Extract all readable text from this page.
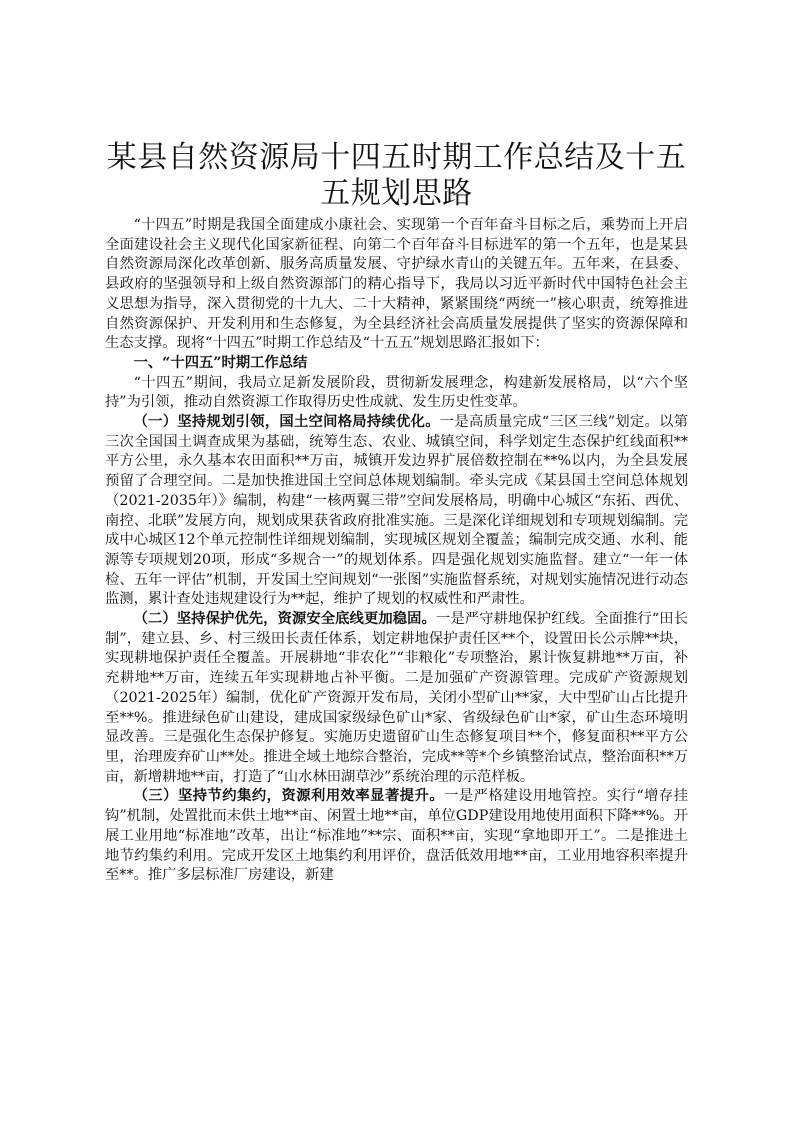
某县自然资源局十四五时期工作总结及十五五规划思路

“十四五”时期是我国全面建成小康社会、实现第一个百年奋斗目标之后，乘势而上开启全面建设社会主义现代化国家新征程、向第二个百年奋斗目标进军的第一个五年，也是某县自然资源局深化改革创新、服务高质量发展、守护绿水青山的关键五年。五年来，在县委、县政府的坚强领导和上级自然资源部门的精心指导下，我局以习近平新时代中国特色社会主义思想为指导，深入贯彻党的十九大、二十大精神，紧紧围绕“两统一”核心职责，统筹推进自然资源保护、开发利用和生态修复，为全县经济社会高质量发展提供了坚实的资源保障和生态支撑。现将“十四五”时期工作总结及“十五五”规划思路汇报如下：

一、“十四五”时期工作总结

“十四五”期间，我局立足新发展阶段，贯彻新发展理念，构建新发展格局，以“六个坚持”为引领，推动自然资源工作取得历史性成就、发生历史性变革。

（一）坚持规划引领，国土空间格局持续优化。一是高质量完成“三区三线”划定。以第三次全国国土调查成果为基础，统筹生态、农业、城镇空间，科学划定生态保护红线面积**平方公里，永久基本农田面积**万亩，城镇开发边界扩展倍数控制在**%以内，为全县发展预留了合理空间。二是加快推进国土空间总体规划编制。牵头完成《某县国土空间总体规划（2021-2035年）》编制，构建“一核两翼三带”空间发展格局，明确中心城区“东拓、西优、南控、北联”发展方向，规划成果获省政府批准实施。三是深化详细规划和专项规划编制。完成中心城区12个单元控制性详细规划编制，实现城区规划全覆盖；编制完成交通、水利、能源等专项规划20项，形成“多规合一”的规划体系。四是强化规划实施监督。建立“一年一体检、五年一评估”机制，开发国土空间规划“一张图”实施监督系统，对规划实施情况进行动态监测，累计查处违规建设行为**起，维护了规划的权威性和严肃性。

（二）坚持保护优先，资源安全底线更加稳固。一是严守耕地保护红线。全面推行“田长制”，建立县、乡、村三级田长责任体系，划定耕地保护责任区**个，设置田长公示牌**块，实现耕地保护责任全覆盖。开展耕地“非农化”“非粮化”专项整治，累计恢复耕地**万亩，补充耕地**万亩，连续五年实现耕地占补平衡。二是加强矿产资源管理。完成矿产资源规划（2021-2025年）编制，优化矿产资源开发布局，关闭小型矿山**家，大中型矿山占比提升至**%。推进绿色矿山建设，建成国家级绿色矿山*家、省级绿色矿山*家，矿山生态环境明显改善。三是强化生态保护修复。实施历史遗留矿山生态修复项目**个，修复面积**平方公里，治理废弃矿山**处。推进全域土地综合整治，完成**等*个乡镇整治试点，整治面积**万亩，新增耕地**亩，打造了“山水林田湖草沙”系统治理的示范样板。

（三）坚持节约集约，资源利用效率显著提升。一是严格建设用地管控。实行“增存挂钩”机制，处置批而未供土地**亩、闲置土地**亩，单位GDP建设用地使用面积下降**%。开展工业用地“标准地”改革，出让“标准地”**宗、面积**亩，实现“拿地即开工”。二是推进土地节约集约利用。完成开发区土地集约利用评价，盘活低效用地**亩，工业用地容积率提升至**。推广多层标准厂房建设，新建
